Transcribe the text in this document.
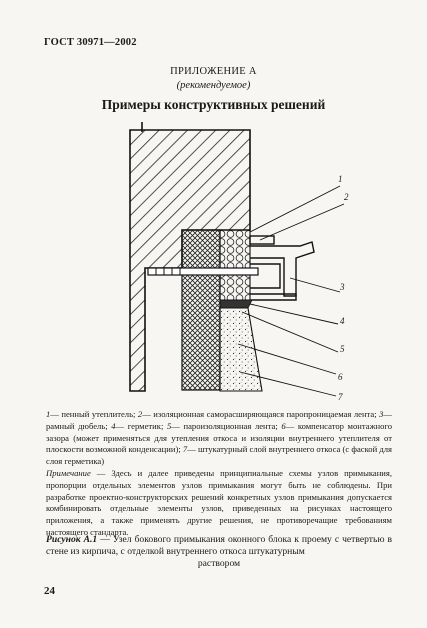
ГОСТ 30971—2002
ПРИЛОЖЕНИЕ А
(рекомендуемое)
Примеры конструктивных решений
1
2
3
4
5
6
7
1— пенный утеплитель; 2— изоляционная саморасширяющаяся паропроницаемая лента; 3— рамный дюбель; 4— герметик; 5— пароизоляционная лента; 6— компенсатор монтажного зазора (может применяться для утепления откоса и изоляции внутреннего утеплителя от плоскости возможной конденсации); 7— штукатурный слой внутреннего откоса (с фаской для слоя герметика)
Примечание — Здесь и далее приведены принципиальные схемы узлов примыкания, пропорции отдельных элементов узлов примыкания могут быть не соблюдены. При разработке проектно-конструкторских решений конкретных узлов примыкания допускается комбинировать отдельные элементы узлов, приведенных на рисунках настоящего приложения, а также применять другие решения, не противоречащие требованиям настоящего стандарта.
Рисунок А.1 — Узел бокового примыкания оконного блока к проему с четвертью в стене из кирпича, с отделкой внутреннего откоса штукатурным
раствором
24
